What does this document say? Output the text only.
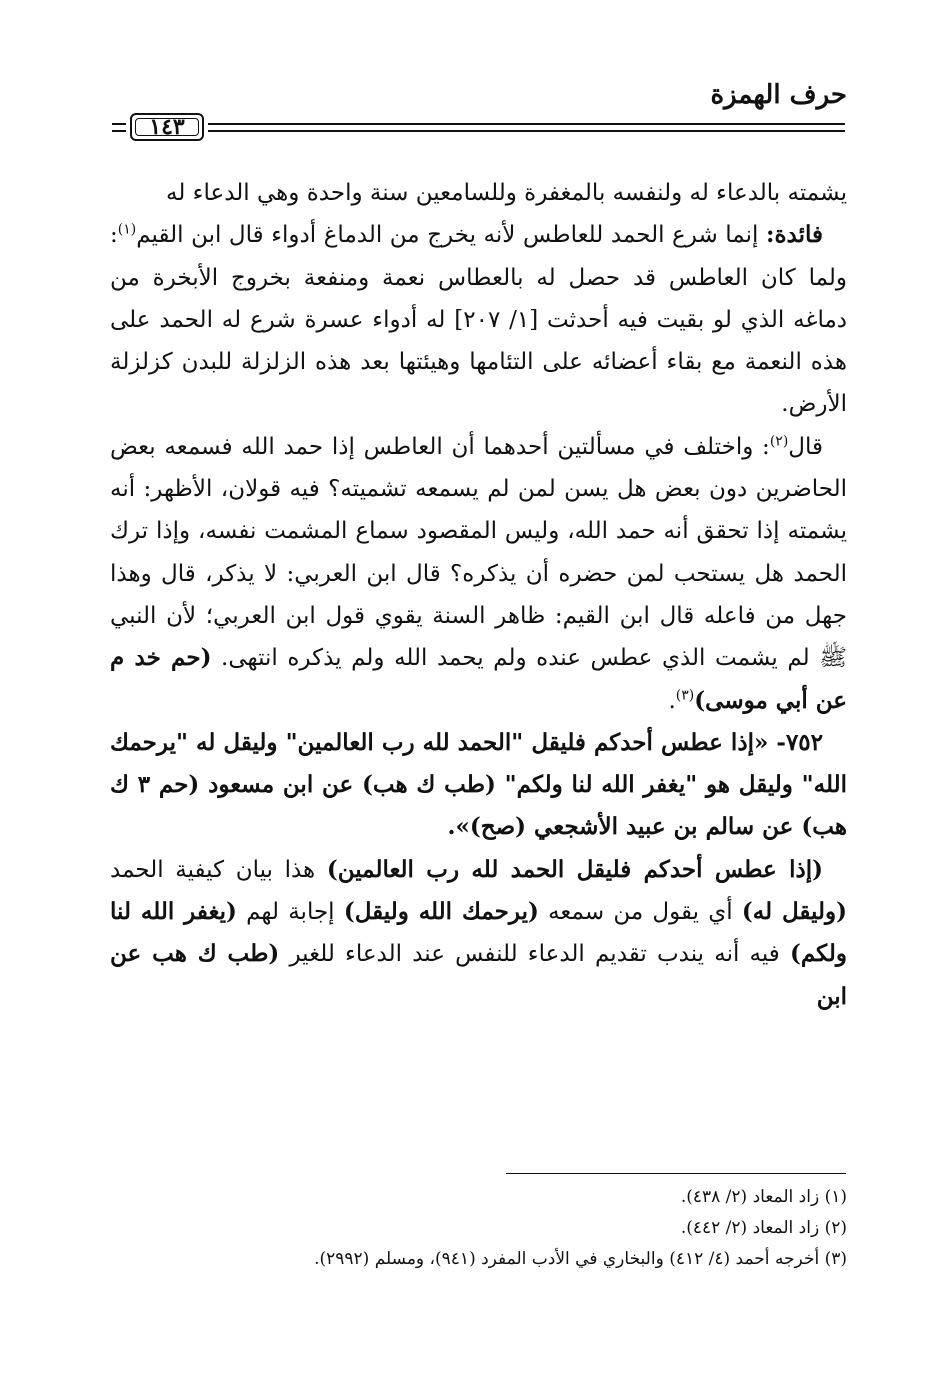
حرف الهمزة
١٤٣

يشمته بالدعاء له ولنفسه بالمغفرة وللسامعين سنة واحدة وهي الدعاء له

فائدة: إنما شرع الحمد للعاطس لأنه يخرج من الدماغ أدواء قال ابن القيم$^{(١)}$: ولما كان العاطس قد حصل له بالعطاس نعمة ومنفعة بخروج الأبخرة من دماغه الذي لو بقيت فيه أحدثت [١/ ٢٠٧] له أدواء عسرة شرع له الحمد على هذه النعمة مع بقاء أعضائه على التئامها وهيئتها بعد هذه الزلزلة للبدن كزلزلة الأرض.

قال$^{(٢)}$: واختلف في مسألتين أحدهما أن العاطس إذا حمد الله فسمعه بعض الحاضرين دون بعض هل يسن لمن لم يسمعه تشميته؟ فيه قولان، الأظهر: أنه يشمته إذا تحقق أنه حمد الله، وليس المقصود سماع المشمت نفسه، وإذا ترك الحمد هل يستحب لمن حضره أن يذكره؟ قال ابن العربي: لا يذكر، قال وهذا جهل من فاعله قال ابن القيم: ظاهر السنة يقوي قول ابن العربي؛ لأن النبي ﷺ لم يشمت الذي عطس عنده ولم يحمد الله ولم يذكره انتهى. (حم خد م عن أبي موسى)$^{(٣)}$.

٧٥٢- «إذا عطس أحدكم فليقل "الحمد لله رب العالمين" وليقل له "يرحمك الله" وليقل هو "يغفر الله لنا ولكم" (طب ك هب) عن ابن مسعود (حم ٣ ك هب) عن سالم بن عبيد الأشجعي (صح)».

(إذا عطس أحدكم فليقل الحمد لله رب العالمين) هذا بيان كيفية الحمد (وليقل له) أي يقول من سمعه (يرحمك الله وليقل) إجابة لهم (يغفر الله لنا ولكم) فيه أنه يندب تقديم الدعاء للنفس عند الدعاء للغير (طب ك هب عن ابن

(١) زاد المعاد (٢/ ٤٣٨).
(٢) زاد المعاد (٢/ ٤٤٢).
(٣) أخرجه أحمد (٤/ ٤١٢) والبخاري في الأدب المفرد (٩٤١)، ومسلم (٢٩٩٢).
